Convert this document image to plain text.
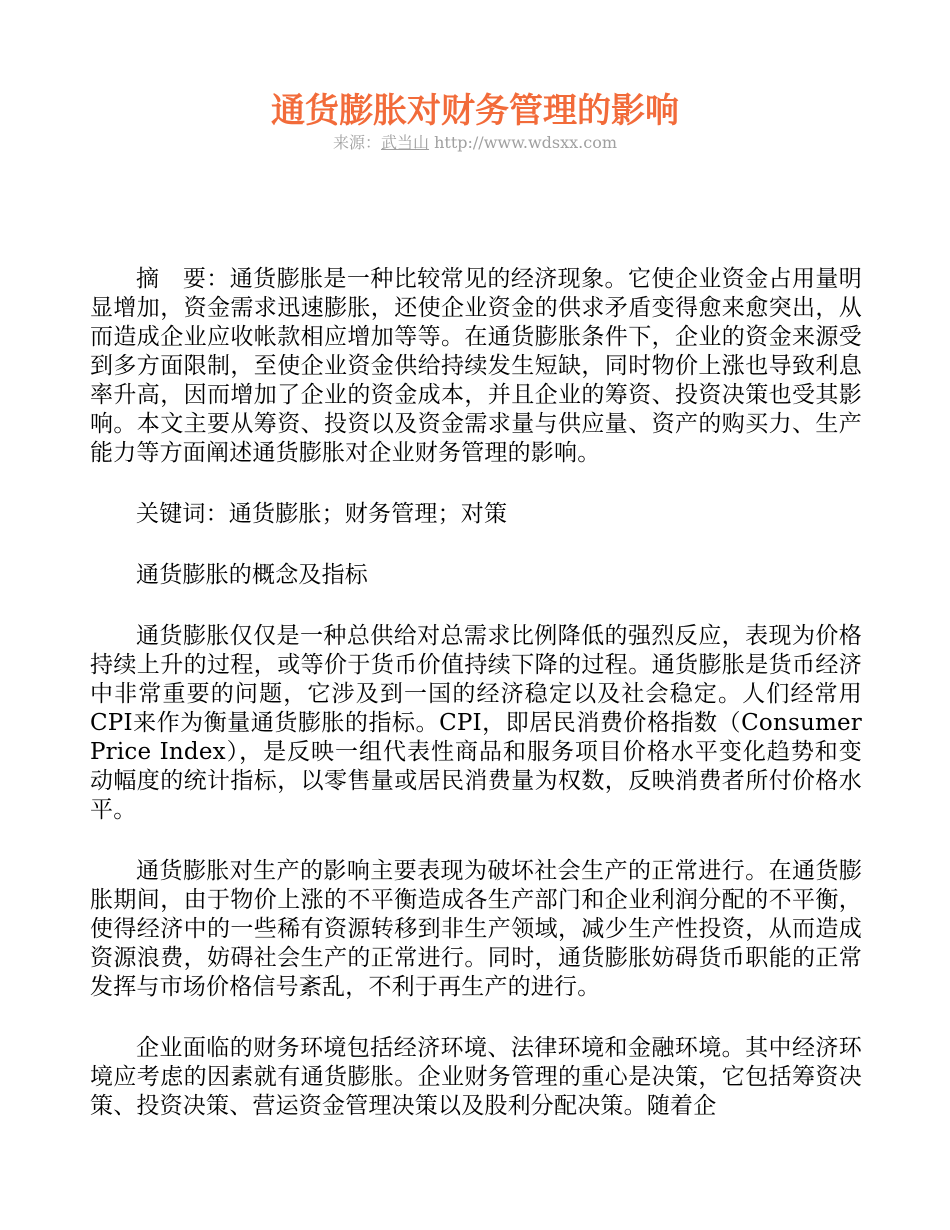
通货膨胀对财务管理的影响
来源：武当山 http://www.wdsxx.com

摘　要：通货膨胀是一种比较常见的经济现象。它使企业资金占用量明显增加，资金需求迅速膨胀，还使企业资金的供求矛盾变得愈来愈突出，从而造成企业应收帐款相应增加等等。在通货膨胀条件下，企业的资金来源受到多方面限制，至使企业资金供给持续发生短缺，同时物价上涨也导致利息率升高，因而增加了企业的资金成本，并且企业的筹资、投资决策也受其影响。本文主要从筹资、投资以及资金需求量与供应量、资产的购买力、生产能力等方面阐述通货膨胀对企业财务管理的影响。

关键词：通货膨胀；财务管理；对策

通货膨胀的概念及指标

通货膨胀仅仅是一种总供给对总需求比例降低的强烈反应，表现为价格持续上升的过程，或等价于货币价值持续下降的过程。通货膨胀是货币经济中非常重要的问题，它涉及到一国的经济稳定以及社会稳定。人们经常用CPI来作为衡量通货膨胀的指标。CPI，即居民消费价格指数（Consumer Price Index），是反映一组代表性商品和服务项目价格水平变化趋势和变动幅度的统计指标，以零售量或居民消费量为权数，反映消费者所付价格水平。

通货膨胀对生产的影响主要表现为破坏社会生产的正常进行。在通货膨胀期间，由于物价上涨的不平衡造成各生产部门和企业利润分配的不平衡，使得经济中的一些稀有资源转移到非生产领域，减少生产性投资，从而造成资源浪费，妨碍社会生产的正常进行。同时，通货膨胀妨碍货币职能的正常发挥与市场价格信号紊乱，不利于再生产的进行。

企业面临的财务环境包括经济环境、法律环境和金融环境。其中经济环境应考虑的因素就有通货膨胀。企业财务管理的重心是决策，它包括筹资决策、投资决策、营运资金管理决策以及股利分配决策。随着企
